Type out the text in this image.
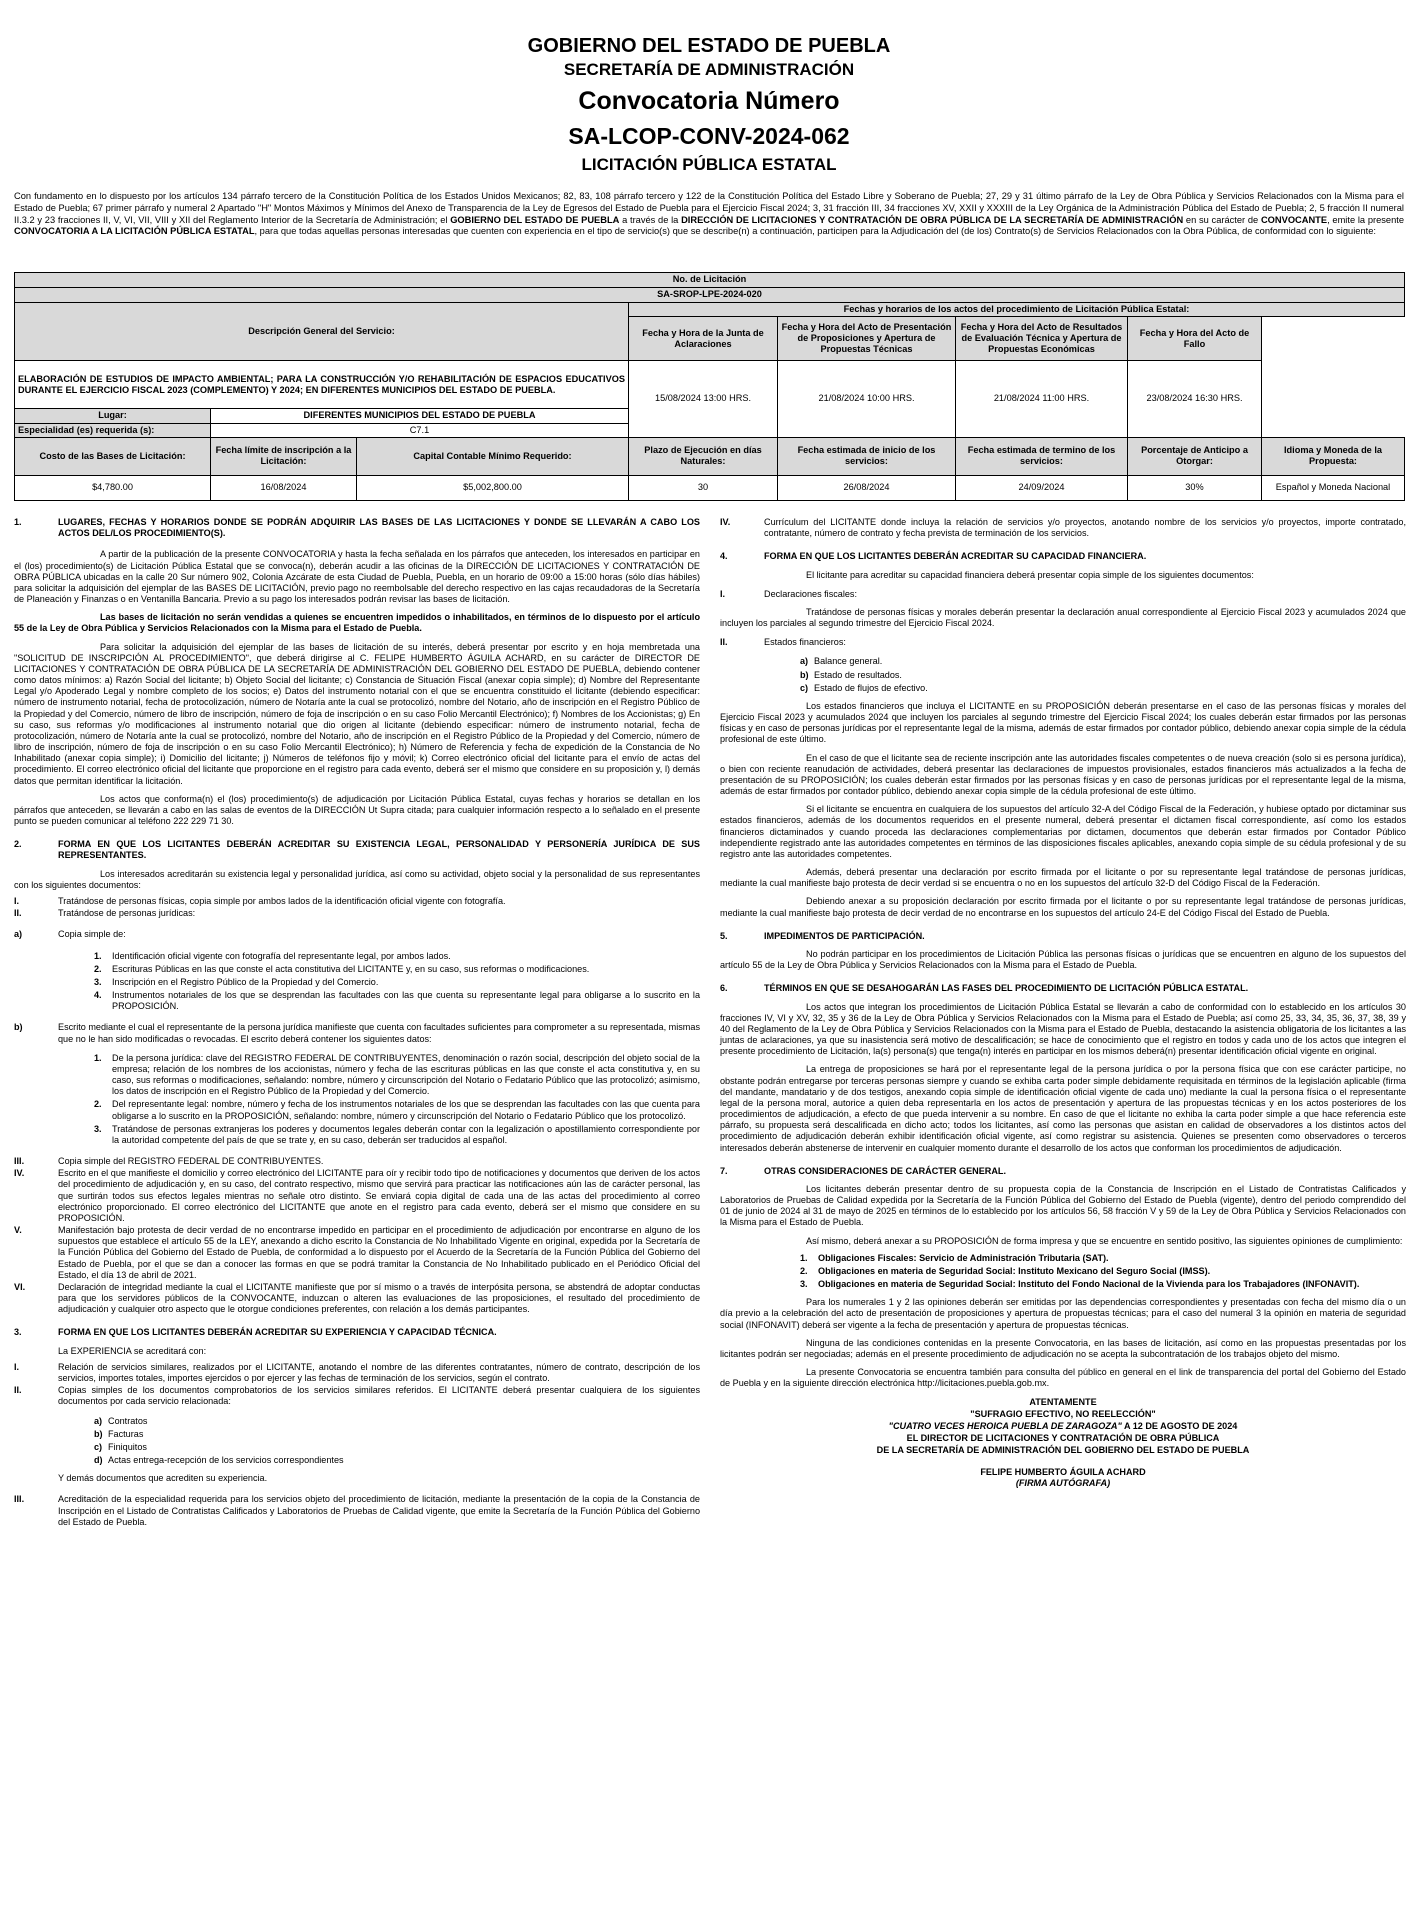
GOBIERNO DEL ESTADO DE PUEBLA
SECRETARÍA DE ADMINISTRACIÓN
Convocatoria Número
SA-LCOP-CONV-2024-062
LICITACIÓN PÚBLICA ESTATAL
Con fundamento en lo dispuesto por los artículos 134 párrafo tercero de la Constitución Política de los Estados Unidos Mexicanos; 82, 83, 108 párrafo tercero y 122 de la Constitución Política del Estado Libre y Soberano de Puebla; 27, 29 y 31 último párrafo de la Ley de Obra Pública y Servicios Relacionados con la Misma para el Estado de Puebla; 67 primer párrafo y numeral 2 Apartado "H" Montos Máximos y Mínimos del Anexo de Transparencia de la Ley de Egresos del Estado de Puebla para el Ejercicio Fiscal 2024; 3, 31 fracción III, 34 fracciones XV, XXII y XXXIII de la Ley Orgánica de la Administración Pública del Estado de Puebla; 2, 5 fracción II numeral II.3.2 y 23 fracciones II, V, VI, VII, VIII y XII del Reglamento Interior de la Secretaría de Administración; el GOBIERNO DEL ESTADO DE PUEBLA a través de la DIRECCIÓN DE LICITACIONES Y CONTRATACIÓN DE OBRA PÚBLICA DE LA SECRETARÍA DE ADMINISTRACIÓN en su carácter de CONVOCANTE, emite la presente CONVOCATORIA A LA LICITACIÓN PÚBLICA ESTATAL, para que todas aquellas personas interesadas que cuenten con experiencia en el tipo de servicio(s) que se describe(n) a continuación, participen para la Adjudicación del (de los) Contrato(s) de Servicios Relacionados con la Obra Pública, de conformidad con lo siguiente:
No. de Licitación							
SA-SROP-LPE-2024-020							
Descripción General del Servicio:			Fechas y horarios de los actos del procedimiento de Licitación Pública Estatal:				
			Fecha y Hora de la Junta de Aclaraciones	Fecha y Hora del Acto de Presentación de Proposiciones y Apertura de Propuestas Técnicas	Fecha y Hora del Acto de Resultados de Evaluación Técnica y Apertura de Propuestas Económicas	Fecha y Hora del Acto de Fallo	
ELABORACIÓN DE ESTUDIOS DE IMPACTO AMBIENTAL; PARA LA CONSTRUCCIÓN Y/O REHABILITACIÓN DE ESPACIOS EDUCATIVOS DURANTE EL EJERCICIO FISCAL 2023 (COMPLEMENTO) Y 2024; EN DIFERENTES MUNICIPIOS DEL ESTADO DE PUEBLA.			15/08/2024 13:00 HRS.	21/08/2024 10:00 HRS.	21/08/2024 11:00 HRS.	23/08/2024 16:30 HRS.	
Lugar:	DIFERENTES MUNICIPIOS DEL ESTADO DE PUEBLA						
Especialidad (es) requerida (s):	C7.1						
Costo de las Bases de Licitación:	Fecha límite de inscripción a la Licitación:	Capital Contable Mínimo Requerido:	Plazo de Ejecución en días Naturales:	Fecha estimada de inicio de los servicios:	Fecha estimada de termino de los servicios:	Porcentaje de Anticipo a Otorgar:	Idioma y Moneda de la Propuesta:
$4,780.00	16/08/2024	$5,002,800.00	30	26/08/2024	24/09/2024	30%	Español y Moneda Nacional
1.	LUGARES, FECHAS Y HORARIOS DONDE SE PODRÁN ADQUIRIR LAS BASES DE LAS LICITACIONES Y DONDE SE LLEVARÁN A CABO LOS ACTOS DEL/LOS PROCEDIMIENTO(S).

A partir de la publicación de la presente CONVOCATORIA y hasta la fecha señalada en los párrafos que anteceden, los interesados en participar en el (los) procedimiento(s) de Licitación Pública Estatal que se convoca(n), deberán acudir a las oficinas de la DIRECCIÓN DE LICITACIONES Y CONTRATACIÓN DE OBRA PÚBLICA ubicadas en la calle 20 Sur número 902, Colonia Azcárate de esta Ciudad de Puebla, Puebla, en un horario de 09:00 a 15:00 horas (sólo días hábiles) para solicitar la adquisición del ejemplar de las BASES DE LICITACIÓN, previo pago no reembolsable del derecho respectivo en las cajas recaudadoras de la Secretaría de Planeación y Finanzas o en Ventanilla Bancaria. Previo a su pago los interesados podrán revisar las bases de licitación.

Las bases de licitación no serán vendidas a quienes se encuentren impedidos o inhabilitados, en términos de lo dispuesto por el artículo 55 de la Ley de Obra Pública y Servicios Relacionados con la Misma para el Estado de Puebla.

Para solicitar la adquisición del ejemplar de las bases de licitación de su interés, deberá presentar por escrito y en hoja membretada una "SOLICITUD DE INSCRIPCIÓN AL PROCEDIMIENTO", que deberá dirigirse al C. FELIPE HUMBERTO ÁGUILA ACHARD, en su carácter de DIRECTOR DE LICITACIONES Y CONTRATACIÓN DE OBRA PÚBLICA DE LA SECRETARÍA DE ADMINISTRACIÓN DEL GOBIERNO DEL ESTADO DE PUEBLA, debiendo contener como datos mínimos: a) Razón Social del licitante; b) Objeto Social del licitante; c) Constancia de Situación Fiscal (anexar copia simple); d) Nombre del Representante Legal y/o Apoderado Legal y nombre completo de los socios; e) Datos del instrumento notarial con el que se encuentra constituido el licitante (debiendo especificar: número de instrumento notarial, fecha de protocolización, número de Notaría ante la cual se protocolizó, nombre del Notario, año de inscripción en el Registro Público de la Propiedad y del Comercio, número de libro de inscripción, número de foja de inscripción o en su caso Folio Mercantil Electrónico); f) Nombres de los Accionistas; g) En su caso, sus reformas y/o modificaciones al instrumento notarial que dio origen al licitante (debiendo especificar: número de instrumento notarial, fecha de protocolización, número de Notaría ante la cual se protocolizó, nombre del Notario, año de inscripción en el Registro Público de la Propiedad y del Comercio, número de libro de inscripción, número de foja de inscripción o en su caso Folio Mercantil Electrónico); h) Número de Referencia y fecha de expedición de la Constancia de No Inhabilitado (anexar copia simple); i) Domicilio del licitante; j) Números de teléfonos fijo y móvil; k) Correo electrónico oficial del licitante para el envío de actas del procedimiento. El correo electrónico oficial del licitante que proporcione en el registro para cada evento, deberá ser el mismo que considere en su proposición y, l) demás datos que permitan identificar la licitación.

Los actos que conforma(n) el (los) procedimiento(s) de adjudicación por Licitación Pública Estatal, cuyas fechas y horarios se detallan en los párrafos que anteceden, se llevarán a cabo en las salas de eventos de la DIRECCIÓN Ut Supra citada; para cualquier información respecto a lo señalado en el presente punto se pueden comunicar al teléfono 222 229 71 30.

2.	FORMA EN QUE LOS LICITANTES DEBERÁN ACREDITAR SU EXISTENCIA LEGAL, PERSONALIDAD Y PERSONERÍA JURÍDICA DE SUS REPRESENTANTES.

Los interesados acreditarán su existencia legal y personalidad jurídica, así como su actividad, objeto social y la personalidad de sus representantes con los siguientes documentos:

I.	Tratándose de personas físicas, copia simple por ambos lados de la identificación oficial vigente con fotografía.
II.	Tratándose de personas jurídicas:
a)	Copia simple de:
1.	Identificación oficial vigente con fotografía del representante legal, por ambos lados.
2.	Escrituras Públicas en las que conste el acta constitutiva del LICITANTE y, en su caso, sus reformas o modificaciones.
3.	Inscripción en el Registro Público de la Propiedad y del Comercio.
4.	Instrumentos notariales de los que se desprendan las facultades con las que cuenta su representante legal para obligarse a lo suscrito en la PROPOSICIÓN.
b)	Escrito mediante el cual el representante de la persona jurídica manifieste que cuenta con facultades suficientes para comprometer a su representada, mismas que no le han sido modificadas o revocadas. El escrito deberá contener los siguientes datos:
1.	De la persona jurídica: clave del REGISTRO FEDERAL DE CONTRIBUYENTES, denominación o razón social, descripción del objeto social de la empresa; relación de los nombres de los accionistas, número y fecha de las escrituras públicas en las que conste el acta constitutiva y, en su caso, sus reformas o modificaciones, señalando: nombre, número y circunscripción del Notario o Fedatario Público que las protocolizó; asimismo, los datos de inscripción en el Registro Público de la Propiedad y del Comercio.
2.	Del representante legal: nombre, número y fecha de los instrumentos notariales de los que se desprendan las facultades con las que cuenta para obligarse a lo suscrito en la PROPOSICIÓN, señalando: nombre, número y circunscripción del Notario o Fedatario Público que los protocolizó.
3.	Tratándose de personas extranjeras los poderes y documentos legales deberán contar con la legalización o apostillamiento correspondiente por la autoridad competente del país de que se trate y, en su caso, deberán ser traducidos al español.
III.	Copia simple del REGISTRO FEDERAL DE CONTRIBUYENTES.
IV.	Escrito en el que manifieste el domicilio y correo electrónico del LICITANTE para oír y recibir todo tipo de notificaciones y documentos que deriven de los actos del procedimiento de adjudicación y, en su caso, del contrato respectivo, mismo que servirá para practicar las notificaciones aún las de carácter personal, las que surtirán todos sus efectos legales mientras no señale otro distinto. Se enviará copia digital de cada una de las actas del procedimiento al correo electrónico proporcionado. El correo electrónico del LICITANTE que anote en el registro para cada evento, deberá ser el mismo que considere en su PROPOSICIÓN.
V.	Manifestación bajo protesta de decir verdad de no encontrarse impedido en participar en el procedimiento de adjudicación por encontrarse en alguno de los supuestos que establece el artículo 55 de la LEY, anexando a dicho escrito la Constancia de No Inhabilitado Vigente en original, expedida por la Secretaría de la Función Pública del Gobierno del Estado de Puebla, de conformidad a lo dispuesto por el Acuerdo de la Secretaría de la Función Pública del Gobierno del Estado de Puebla, por el que se dan a conocer las formas en que se podrá tramitar la Constancia de No Inhabilitado publicado en el Periódico Oficial del Estado, el día 13 de abril de 2021.
VI.	Declaración de integridad mediante la cual el LICITANTE manifieste que por sí mismo o a través de interpósita persona, se abstendrá de adoptar conductas para que los servidores públicos de la CONVOCANTE, induzcan o alteren las evaluaciones de las proposiciones, el resultado del procedimiento de adjudicación y cualquier otro aspecto que le otorgue condiciones preferentes, con relación a los demás participantes.
3.	FORMA EN QUE LOS LICITANTES DEBERÁN ACREDITAR SU EXPERIENCIA Y CAPACIDAD TÉCNICA.

La EXPERIENCIA se acreditará con:

I.	Relación de servicios similares, realizados por el LICITANTE, anotando el nombre de las diferentes contratantes, número de contrato, descripción de los servicios, importes totales, importes ejercidos o por ejercer y las fechas de terminación de los servicios, según el contrato.
II.	Copias simples de los documentos comprobatorios de los servicios similares referidos. El LICITANTE deberá presentar cualquiera de los siguientes documentos por cada servicio relacionada:
a) Contratos
b) Facturas
c) Finiquitos
d) Actas entrega-recepción de los servicios correspondientes

Y demás documentos que acrediten su experiencia.

III.	Acreditación de la especialidad requerida para los servicios objeto del procedimiento de licitación, mediante la presentación de la copia de la Constancia de Inscripción en el Listado de Contratistas Calificados y Laboratorios de Pruebas de Calidad vigente, que emite la Secretaría de la Función Pública del Gobierno del Estado de Puebla.
IV.	Currículum del LICITANTE donde incluya la relación de servicios y/o proyectos, anotando nombre de los servicios y/o proyectos, importe contratado, contratante, número de contrato y fecha prevista de terminación de los servicios.
4.	FORMA EN QUE LOS LICITANTES DEBERÁN ACREDITAR SU CAPACIDAD FINANCIERA.

El licitante para acreditar su capacidad financiera deberá presentar copia simple de los siguientes documentos:

I.	Declaraciones fiscales:

Tratándose de personas físicas y morales deberán presentar la declaración anual correspondiente al Ejercicio Fiscal 2023 y acumulados 2024 que incluyen los parciales al segundo trimestre del Ejercicio Fiscal 2024.

II.	Estados financieros:
a) Balance general.
b) Estado de resultados.
c) Estado de flujos de efectivo.

Los estados financieros que incluya el LICITANTE en su PROPOSICIÓN deberán presentarse en el caso de las personas físicas y morales del Ejercicio Fiscal 2023 y acumulados 2024 que incluyen los parciales al segundo trimestre del Ejercicio Fiscal 2024; los cuales deberán estar firmados por las personas físicas y en caso de personas jurídicas por el representante legal de la misma, además de estar firmados por contador público, debiendo anexar copia simple de la cédula profesional de este último.

En el caso de que el licitante sea de reciente inscripción ante las autoridades fiscales competentes o de nueva creación (solo si es persona jurídica), o bien con reciente reanudación de actividades, deberá presentar las declaraciones de impuestos provisionales, estados financieros más actualizados a la fecha de presentación de su PROPOSICIÓN; los cuales deberán estar firmados por las personas físicas y en caso de personas jurídicas por el representante legal de la misma, además de estar firmados por contador público, debiendo anexar copia simple de la cédula profesional de este último.

Si el licitante se encuentra en cualquiera de los supuestos del artículo 32-A del Código Fiscal de la Federación, y hubiese optado por dictaminar sus estados financieros, además de los documentos requeridos en el presente numeral, deberá presentar el dictamen fiscal correspondiente, así como los estados financieros dictaminados y cuando proceda las declaraciones complementarias por dictamen, documentos que deberán estar firmados por Contador Público independiente registrado ante las autoridades competentes en términos de las disposiciones fiscales aplicables, anexando copia simple de su cédula profesional y de su registro ante las autoridades competentes.

Además, deberá presentar una declaración por escrito firmada por el licitante o por su representante legal tratándose de personas jurídicas, mediante la cual manifieste bajo protesta de decir verdad si se encuentra o no en los supuestos del artículo 32-D del Código Fiscal de la Federación.

Debiendo anexar a su proposición declaración por escrito firmada por el licitante o por su representante legal tratándose de personas jurídicas, mediante la cual manifieste bajo protesta de decir verdad de no encontrarse en los supuestos del artículo 24-E del Código Fiscal del Estado de Puebla.

5.	IMPEDIMENTOS DE PARTICIPACIÓN.

No podrán participar en los procedimientos de Licitación Pública las personas físicas o jurídicas que se encuentren en alguno de los supuestos del artículo 55 de la Ley de Obra Pública y Servicios Relacionados con la Misma para el Estado de Puebla.

6.	TÉRMINOS EN QUE SE DESAHOGARÁN LAS FASES DEL PROCEDIMIENTO DE LICITACIÓN PÚBLICA ESTATAL.

Los actos que integran los procedimientos de Licitación Pública Estatal se llevarán a cabo de conformidad con lo establecido en los artículos 30 fracciones IV, VI y XV, 32, 35 y 36 de la Ley de Obra Pública y Servicios Relacionados con la Misma para el Estado de Puebla; así como 25, 33, 34, 35, 36, 37, 38, 39 y 40 del Reglamento de la Ley de Obra Pública y Servicios Relacionados con la Misma para el Estado de Puebla, destacando la asistencia obligatoria de los licitantes a las juntas de aclaraciones, ya que su inasistencia será motivo de descalificación; se hace de conocimiento que el registro en todos y cada uno de los actos que integren el presente procedimiento de Licitación, la(s) persona(s) que tenga(n) interés en participar en los mismos deberá(n) presentar identificación oficial vigente en original.

La entrega de proposiciones se hará por el representante legal de la persona jurídica o por la persona física que con ese carácter participe, no obstante podrán entregarse por terceras personas siempre y cuando se exhiba carta poder simple debidamente requisitada en términos de la legislación aplicable (firma del mandante, mandatario y de dos testigos, anexando copia simple de identificación oficial vigente de cada uno) mediante la cual la persona física o el representante legal de la persona moral, autorice a quien deba representarla en los actos de presentación y apertura de las propuestas técnicas y en los actos posteriores de los procedimientos de adjudicación, a efecto de que pueda intervenir a su nombre. En caso de que el licitante no exhiba la carta poder simple a que hace referencia este párrafo, su propuesta será descalificada en dicho acto; todos los licitantes, así como las personas que asistan en calidad de observadores a los distintos actos del procedimiento de adjudicación deberán exhibir identificación oficial vigente, así como registrar su asistencia. Quienes se presenten como observadores o terceros interesados deberán abstenerse de intervenir en cualquier momento durante el desarrollo de los actos que conforman los procedimientos de adjudicación.

7.	OTRAS CONSIDERACIONES DE CARÁCTER GENERAL.

Los licitantes deberán presentar dentro de su propuesta copia de la Constancia de Inscripción en el Listado de Contratistas Calificados y Laboratorios de Pruebas de Calidad expedida por la Secretaría de la Función Pública del Gobierno del Estado de Puebla (vigente), dentro del periodo comprendido del 01 de junio de 2024 al 31 de mayo de 2025 en términos de lo establecido por los artículos 56, 58 fracción V y 59 de la Ley de Obra Pública y Servicios Relacionados con la Misma para el Estado de Puebla.

Así mismo, deberá anexar a su PROPOSICIÓN de forma impresa y que se encuentre en sentido positivo, las siguientes opiniones de cumplimiento:

1.	Obligaciones Fiscales: Servicio de Administración Tributaria (SAT).
2.	Obligaciones en materia de Seguridad Social: Instituto Mexicano del Seguro Social (IMSS).
3.	Obligaciones en materia de Seguridad Social: Instituto del Fondo Nacional de la Vivienda para los Trabajadores (INFONAVIT).

Para los numerales 1 y 2 las opiniones deberán ser emitidas por las dependencias correspondientes y presentadas con fecha del mismo día o un día previo a la celebración del acto de presentación de proposiciones y apertura de propuestas técnicas; para el caso del numeral 3 la opinión en materia de seguridad social (INFONAVIT) deberá ser vigente a la fecha de presentación y apertura de propuestas técnicas.

Ninguna de las condiciones contenidas en la presente Convocatoria, en las bases de licitación, así como en las propuestas presentadas por los licitantes podrán ser negociadas; además en el presente procedimiento de adjudicación no se acepta la subcontratación de los trabajos objeto del mismo.

La presente Convocatoria se encuentra también para consulta del público en general en el link de transparencia del portal del Gobierno del Estado de Puebla y en la siguiente dirección electrónica http://licitaciones.puebla.gob.mx.

ATENTAMENTE
"SUFRAGIO EFECTIVO, NO REELECCIÓN"
"CUATRO VECES HEROICA PUEBLA DE ZARAGOZA" A 12 DE AGOSTO DE 2024
EL DIRECTOR DE LICITACIONES Y CONTRATACIÓN DE OBRA PÚBLICA
DE LA SECRETARÍA DE ADMINISTRACIÓN DEL GOBIERNO DEL ESTADO DE PUEBLA
FELIPE HUMBERTO ÁGUILA ACHARD
(FIRMA AUTÓGRAFA)
